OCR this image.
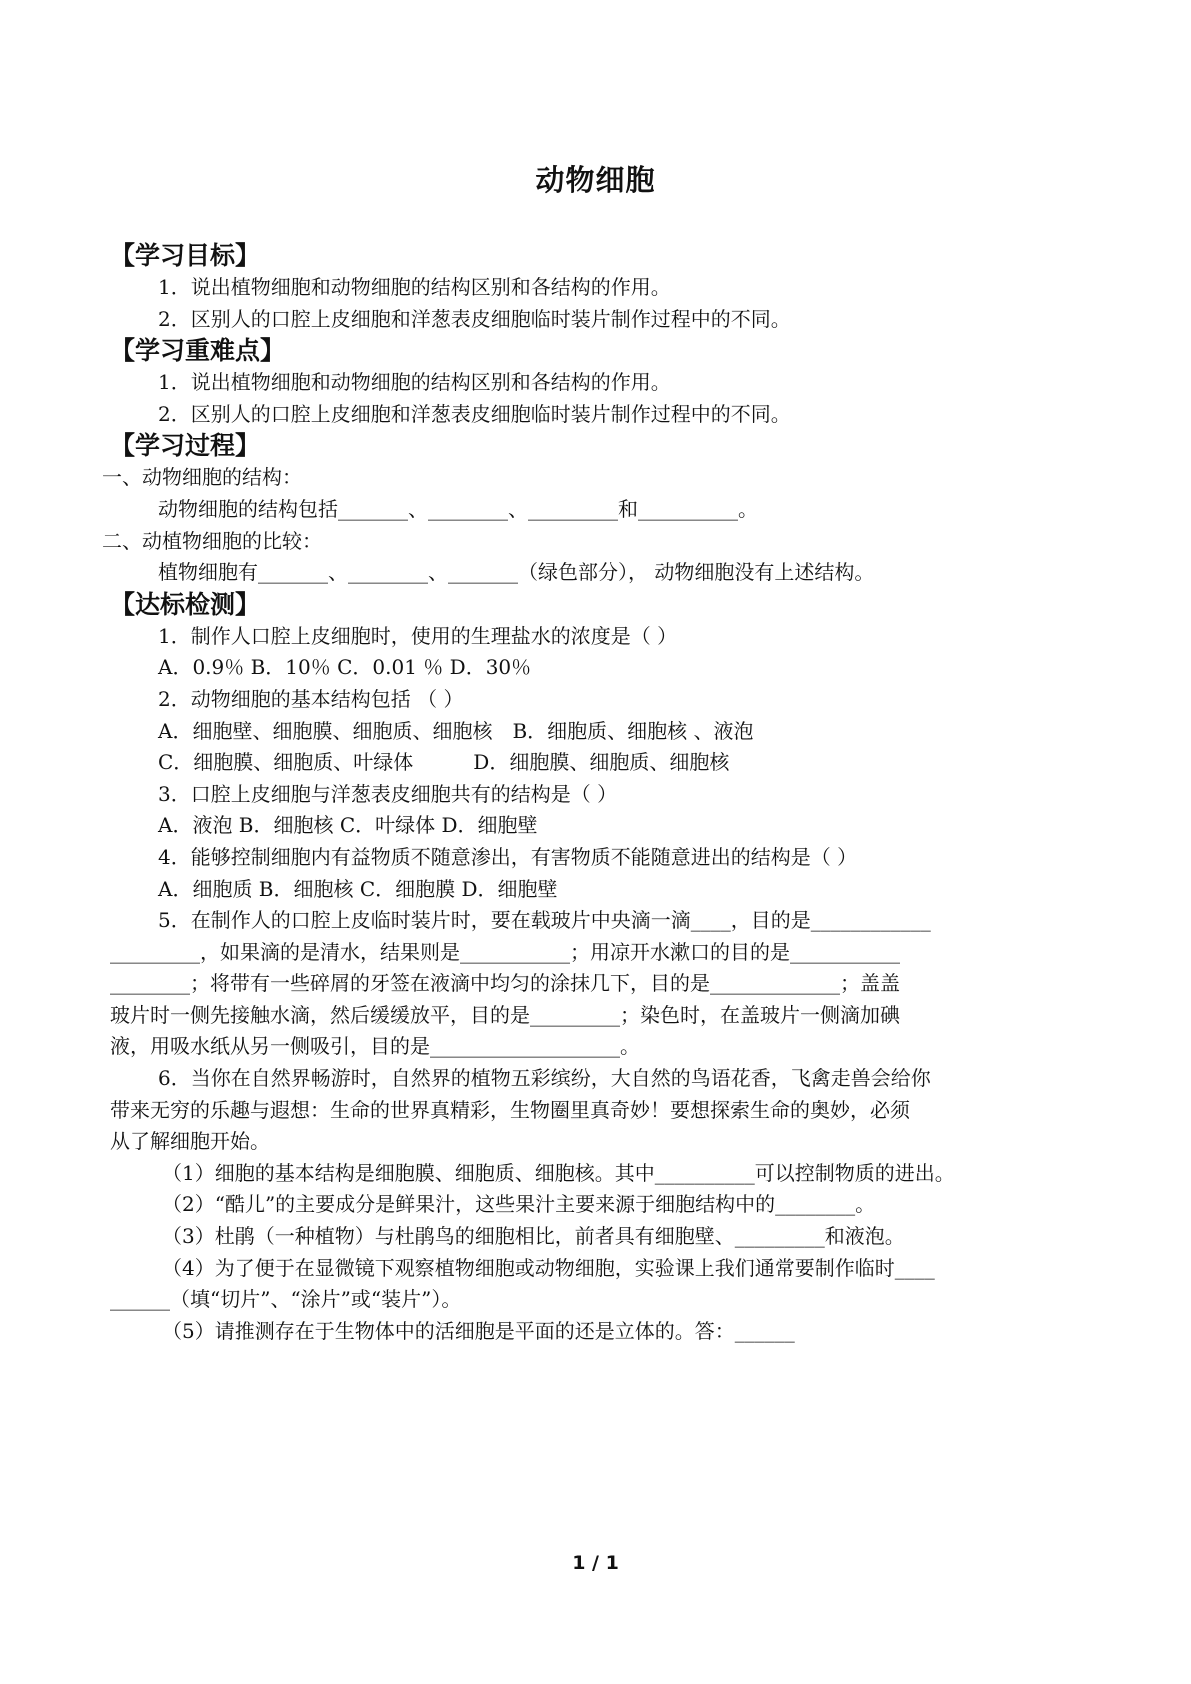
动物细胞
【学习目标】
1．说出植物细胞和动物细胞的结构区别和各结构的作用。
2．区别人的口腔上皮细胞和洋葱表皮细胞临时装片制作过程中的不同。
【学习重难点】
1．说出植物细胞和动物细胞的结构区别和各结构的作用。
2．区别人的口腔上皮细胞和洋葱表皮细胞临时装片制作过程中的不同。
【学习过程】
一、动物细胞的结构：
动物细胞的结构包括_______、________、_________和__________。
二、动植物细胞的比较：
植物细胞有_______、________、_______（绿色部分）， 动物细胞没有上述结构。
【达标检测】
1．制作人口腔上皮细胞时，使用的生理盐水的浓度是（ ）
A．0.9％ B．10％ C．0.01 ％ D．30％
2．动物细胞的基本结构包括 （ ）
A．细胞壁、细胞膜、细胞质、细胞核　B．细胞质、细胞核 、液泡
C．细胞膜、细胞质、叶绿体　　　D．细胞膜、细胞质、细胞核
3．口腔上皮细胞与洋葱表皮细胞共有的结构是（ ）
A．液泡 B．细胞核 C．叶绿体 D．细胞壁
4．能够控制细胞内有益物质不随意渗出，有害物质不能随意进出的结构是（ ）
A．细胞质 B．细胞核 C．细胞膜 D．细胞壁
5．在制作人的口腔上皮临时装片时，要在载玻片中央滴一滴____，目的是____________
_________，如果滴的是清水，结果则是___________；用凉开水漱口的目的是___________
________；将带有一些碎屑的牙签在液滴中均匀的涂抹几下，目的是_____________；盖盖
玻片时一侧先接触水滴，然后缓缓放平，目的是_________；染色时，在盖玻片一侧滴加碘
液，用吸水纸从另一侧吸引，目的是___________________。
6．当你在自然界畅游时，自然界的植物五彩缤纷，大自然的鸟语花香，飞禽走兽会给你
带来无穷的乐趣与遐想：生命的世界真精彩，生物圈里真奇妙！要想探索生命的奥妙，必须
从了解细胞开始。
（1）细胞的基本结构是细胞膜、细胞质、细胞核。其中__________可以控制物质的进出。
（2）“酷儿”的主要成分是鲜果汁，这些果汁主要来源于细胞结构中的________。
（3）杜鹃（一种植物）与杜鹃鸟的细胞相比，前者具有细胞壁、_________和液泡。
（4）为了便于在显微镜下观察植物细胞或动物细胞，实验课上我们通常要制作临时____
______（填“切片”、“涂片”或“装片”）。
（5）请推测存在于生物体中的活细胞是平面的还是立体的。答：______
1 / 1
